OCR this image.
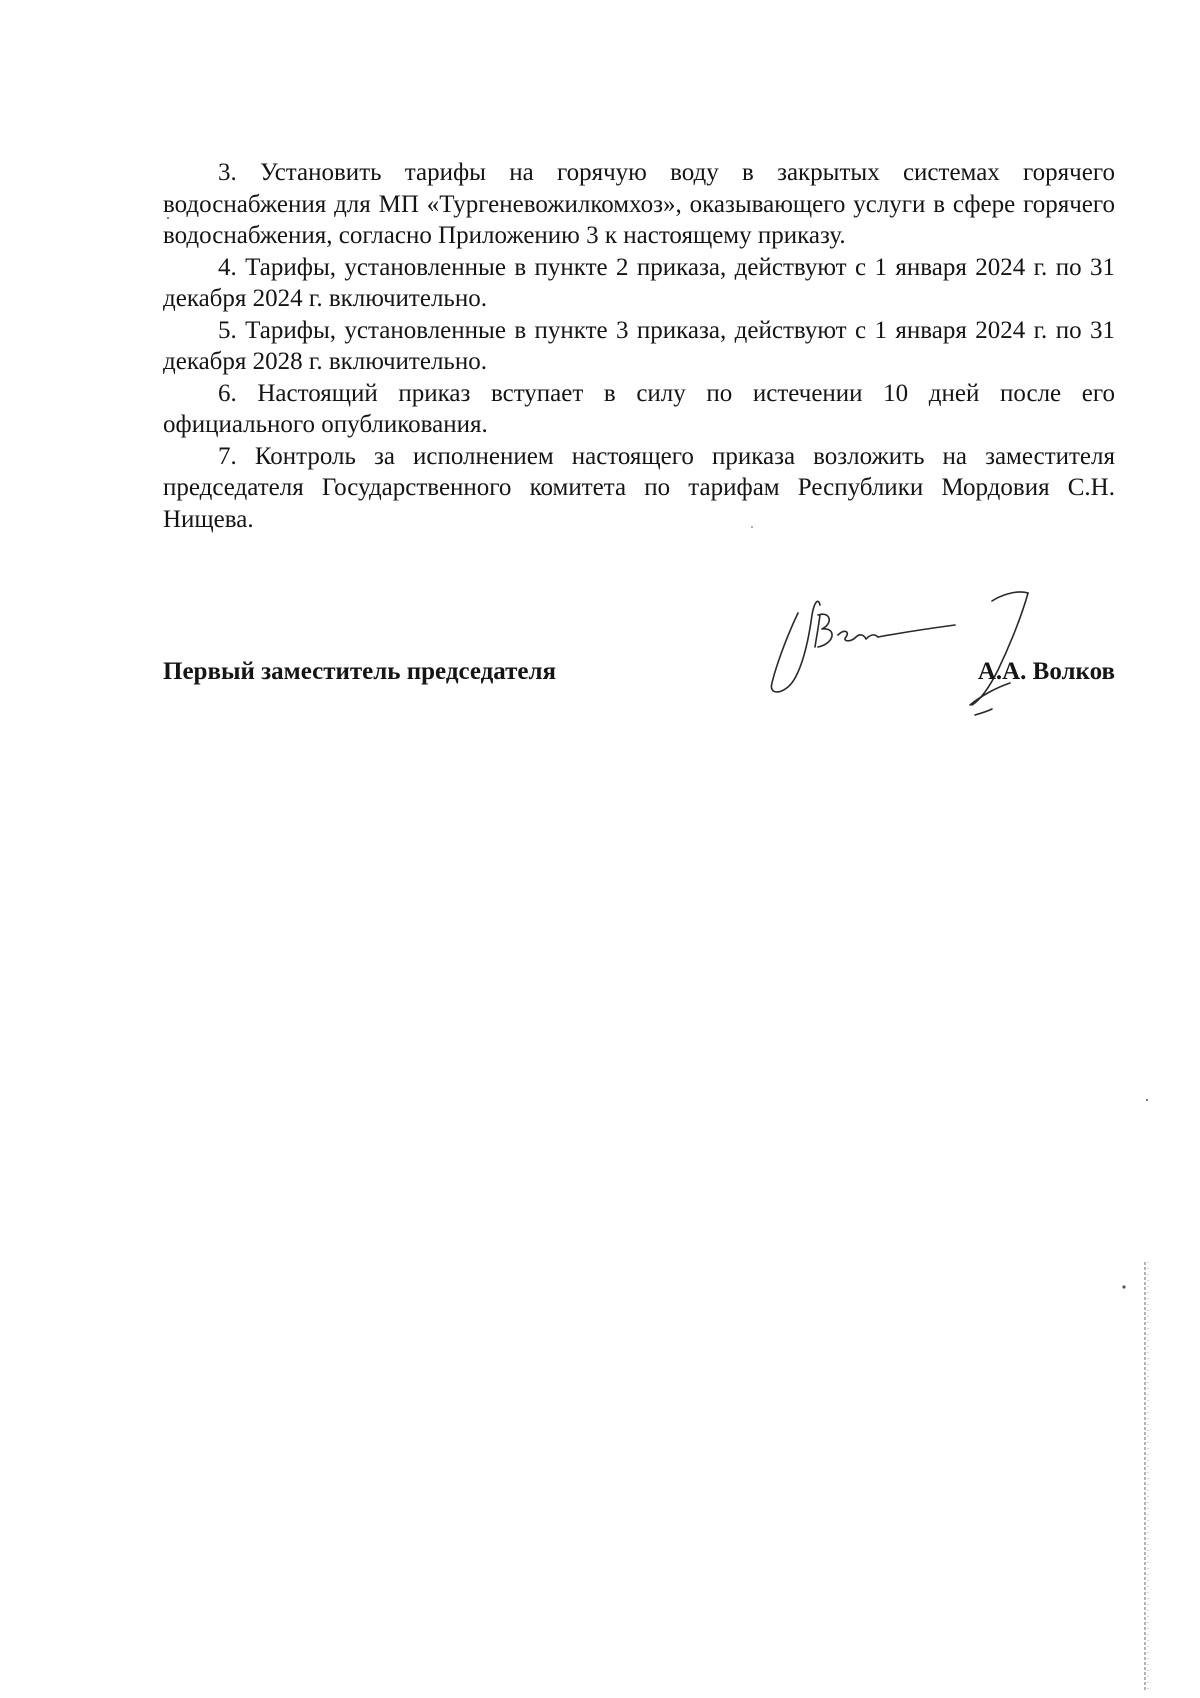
3. Установить тарифы на горячую воду в закрытых системах горячего водоснабжения для МП «Тургеневожилкомхоз», оказывающего услуги в сфере горячего водоснабжения, согласно Приложению 3 к настоящему приказу.

4. Тарифы, установленные в пункте 2 приказа, действуют с 1 января 2024 г. по 31 декабря 2024 г. включительно.

5. Тарифы, установленные в пункте 3 приказа, действуют с 1 января 2024 г. по 31 декабря 2028 г. включительно.

6. Настоящий приказ вступает в силу по истечении 10 дней после его официального опубликования.

7. Контроль за исполнением настоящего приказа возложить на заместителя председателя Государственного комитета по тарифам Республики Мордовия С.Н. Нищева.

Первый заместитель председателя	А.А. Волков
